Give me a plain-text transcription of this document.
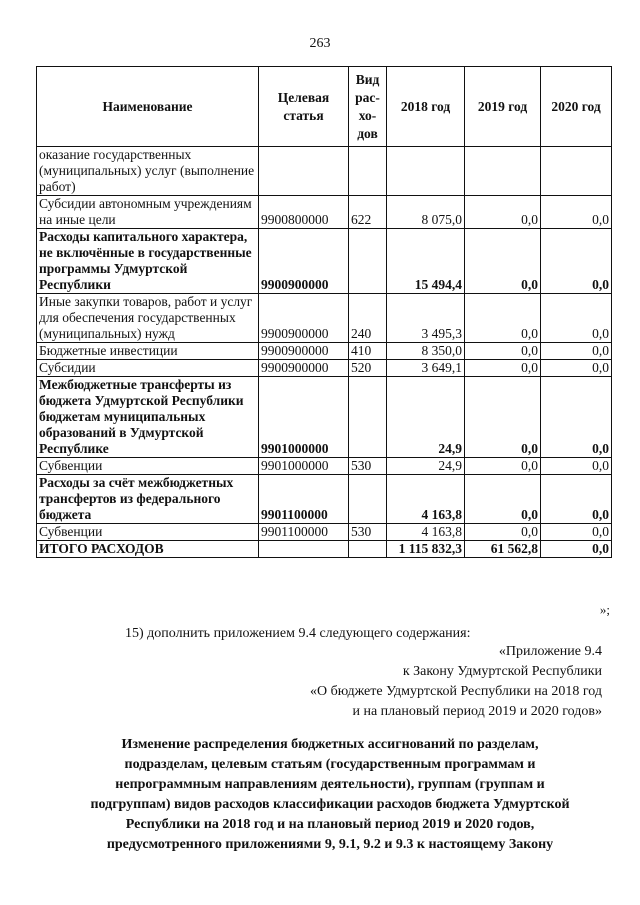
263
Наименование	Целевая статья	Вид рас-хо-дов	2018 год	2019 год	2020 год
оказание государственных (муниципальных) услуг (выполнение работ)					
Субсидии автономным учреждениям на иные цели	9900800000	622	8 075,0	0,0	0,0
Расходы капитального характера, не включённые в государственные программы Удмуртской Республики	9900900000		15 494,4	0,0	0,0
Иные закупки товаров, работ и услуг для обеспечения государственных (муниципальных) нужд	9900900000	240	3 495,3	0,0	0,0
Бюджетные инвестиции	9900900000	410	8 350,0	0,0	0,0
Субсидии	9900900000	520	3 649,1	0,0	0,0
Межбюджетные трансферты из бюджета Удмуртской Республики бюджетам муниципальных образований в Удмуртской Республике	9901000000		24,9	0,0	0,0
Субвенции	9901000000	530	24,9	0,0	0,0
Расходы за счёт межбюджетных трансфертов из федерального бюджета	9901100000		4 163,8	0,0	0,0
Субвенции	9901100000	530	4 163,8	0,0	0,0
ИТОГО РАСХОДОВ			1 115 832,3	61 562,8	0,0
»;
15) дополнить приложением 9.4 следующего содержания:
«Приложение 9.4
к Закону Удмуртской Республики
«О бюджете Удмуртской Республики на 2018 год
и на плановый период 2019 и 2020 годов»
Изменение распределения бюджетных ассигнований по разделам, подразделам, целевым статьям (государственным программам и непрограммным направлениям деятельности), группам (группам и подгруппам) видов расходов классификации расходов бюджета Удмуртской Республики на 2018 год и на плановый период 2019 и 2020 годов, предусмотренного приложениями 9, 9.1, 9.2 и 9.3 к настоящему Закону
